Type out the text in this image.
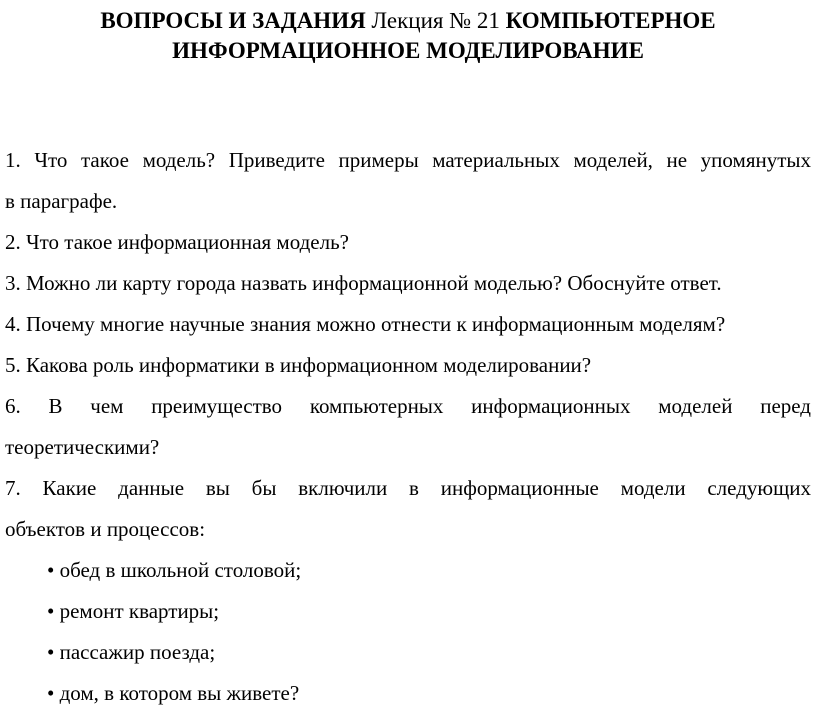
ВОПРОСЫ И ЗАДАНИЯ Лекция № 21 КОМПЬЮТЕРНОЕ
ИНФОРМАЦИОННОЕ МОДЕЛИРОВАНИЕ

1. Что такое модель? Приведите примеры материальных моделей, не упомянутых

в параграфе.

2. Что такое информационная модель?

3. Можно ли карту города назвать информационной моделью? Обоснуйте ответ.

4. Почему многие научные знания можно отнести к информационным моделям?

5. Какова роль информатики в информационном моделировании?

6. В чем преимущество компьютерных информационных моделей перед

теоретическими?

7. Какие данные вы бы включили в информационные модели следующих

объектов и процессов:

• обед в школьной столовой;

• ремонт квартиры;

• пассажир поезда;

• дом, в котором вы живете?
